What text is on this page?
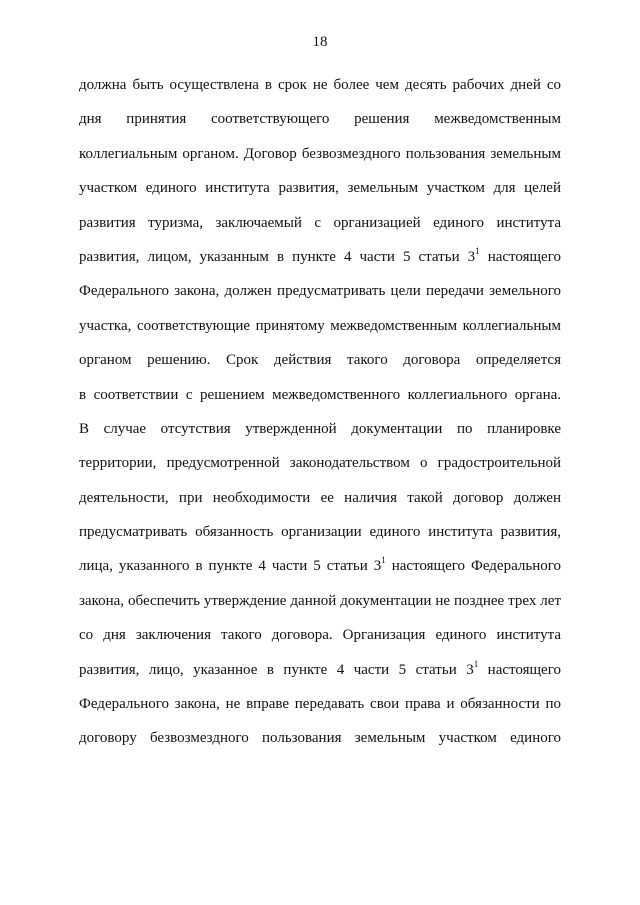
18
должна быть осуществлена в срок не более чем десять рабочих дней со
дня принятия соответствующего решения межведомственным
коллегиальным органом. Договор безвозмездного пользования земельным
участком единого института развития, земельным участком для целей
развития туризма, заключаемый с организацией единого института
развития, лицом, указанным в пункте 4 части 5 статьи $3^1$ настоящего
Федерального закона, должен предусматривать цели передачи земельного
участка, соответствующие принятому межведомственным коллегиальным
органом решению. Срок действия такого договора определяется
в соответствии с решением межведомственного коллегиального органа.
В случае отсутствия утвержденной документации по планировке
территории, предусмотренной законодательством о градостроительной
деятельности, при необходимости ее наличия такой договор должен
предусматривать обязанность организации единого института развития,
лица, указанного в пункте 4 части 5 статьи $3^1$ настоящего Федерального
закона, обеспечить утверждение данной документации не позднее трех лет
со дня заключения такого договора. Организация единого института
развития, лицо, указанное в пункте 4 части 5 статьи $3^1$ настоящего
Федерального закона, не вправе передавать свои права и обязанности по
договору безвозмездного пользования земельным участком единого
